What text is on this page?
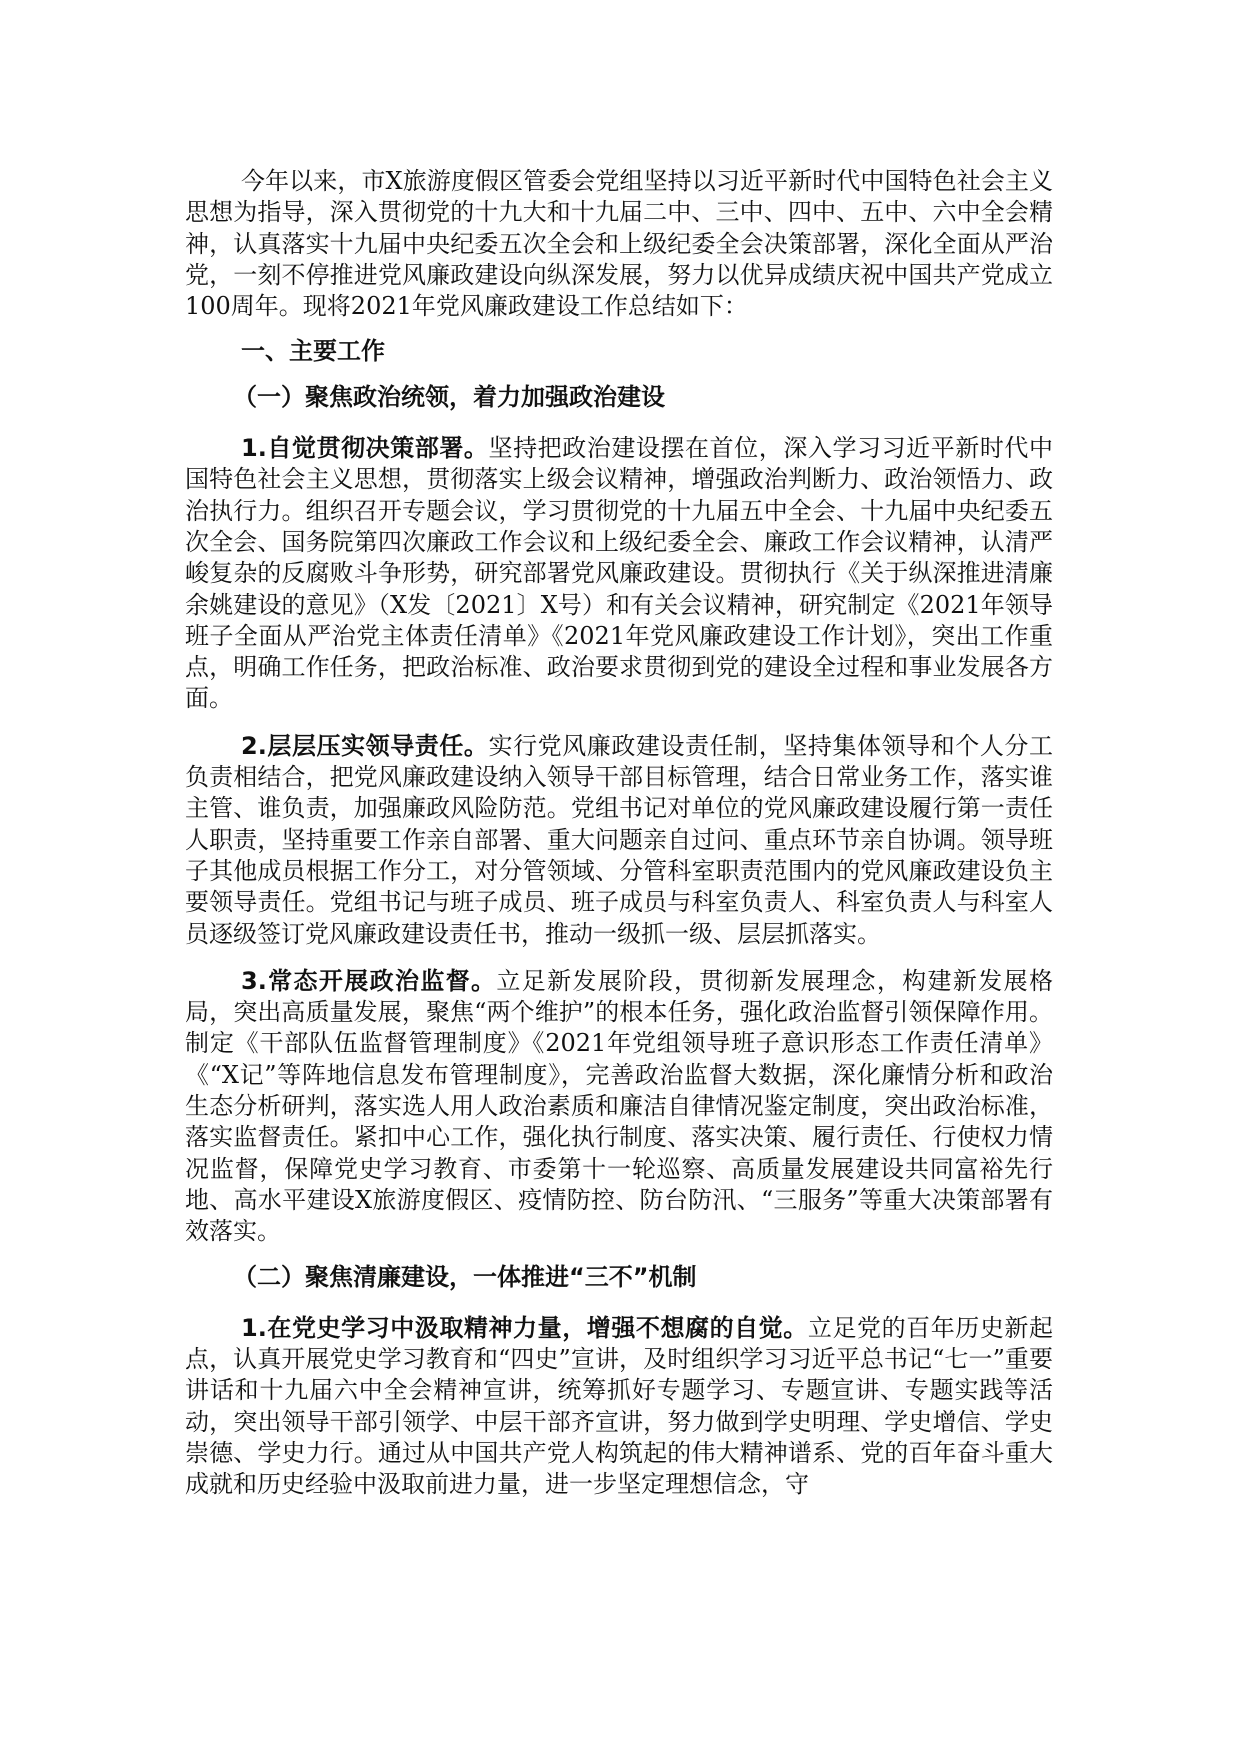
今年以来，市X旅游度假区管委会党组坚持以习近平新时代中国特色社会主义思想为指导，深入贯彻党的十九大和十九届二中、三中、四中、五中、六中全会精神，认真落实十九届中央纪委五次全会和上级纪委全会决策部署，深化全面从严治党，一刻不停推进党风廉政建设向纵深发展，努力以优异成绩庆祝中国共产党成立100周年。现将2021年党风廉政建设工作总结如下：

一、主要工作

（一）聚焦政治统领，着力加强政治建设

1.自觉贯彻决策部署。坚持把政治建设摆在首位，深入学习习近平新时代中国特色社会主义思想，贯彻落实上级会议精神，增强政治判断力、政治领悟力、政治执行力。组织召开专题会议，学习贯彻党的十九届五中全会、十九届中央纪委五次全会、国务院第四次廉政工作会议和上级纪委全会、廉政工作会议精神，认清严峻复杂的反腐败斗争形势，研究部署党风廉政建设。贯彻执行《关于纵深推进清廉余姚建设的意见》（X发〔2021〕X号）和有关会议精神，研究制定《2021年领导班子全面从严治党主体责任清单》《2021年党风廉政建设工作计划》，突出工作重点，明确工作任务，把政治标准、政治要求贯彻到党的建设全过程和事业发展各方面。

2.层层压实领导责任。实行党风廉政建设责任制，坚持集体领导和个人分工负责相结合，把党风廉政建设纳入领导干部目标管理，结合日常业务工作，落实谁主管、谁负责，加强廉政风险防范。党组书记对单位的党风廉政建设履行第一责任人职责，坚持重要工作亲自部署、重大问题亲自过问、重点环节亲自协调。领导班子其他成员根据工作分工，对分管领域、分管科室职责范围内的党风廉政建设负主要领导责任。党组书记与班子成员、班子成员与科室负责人、科室负责人与科室人员逐级签订党风廉政建设责任书，推动一级抓一级、层层抓落实。

3.常态开展政治监督。立足新发展阶段，贯彻新发展理念，构建新发展格局，突出高质量发展，聚焦“两个维护”的根本任务，强化政治监督引领保障作用。制定《干部队伍监督管理制度》《2021年党组领导班子意识形态工作责任清单》《“X记”等阵地信息发布管理制度》，完善政治监督大数据，深化廉情分析和政治生态分析研判，落实选人用人政治素质和廉洁自律情况鉴定制度，突出政治标准，落实监督责任。紧扣中心工作，强化执行制度、落实决策、履行责任、行使权力情况监督，保障党史学习教育、市委第十一轮巡察、高质量发展建设共同富裕先行地、高水平建设X旅游度假区、疫情防控、防台防汛、“三服务”等重大决策部署有效落实。

（二）聚焦清廉建设，一体推进“三不”机制

1.在党史学习中汲取精神力量，增强不想腐的自觉。立足党的百年历史新起点，认真开展党史学习教育和“四史”宣讲，及时组织学习习近平总书记“七一”重要讲话和十九届六中全会精神宣讲，统筹抓好专题学习、专题宣讲、专题实践等活动，突出领导干部引领学、中层干部齐宣讲，努力做到学史明理、学史增信、学史崇德、学史力行。通过从中国共产党人构筑起的伟大精神谱系、党的百年奋斗重大成就和历史经验中汲取前进力量，进一步坚定理想信念，守
